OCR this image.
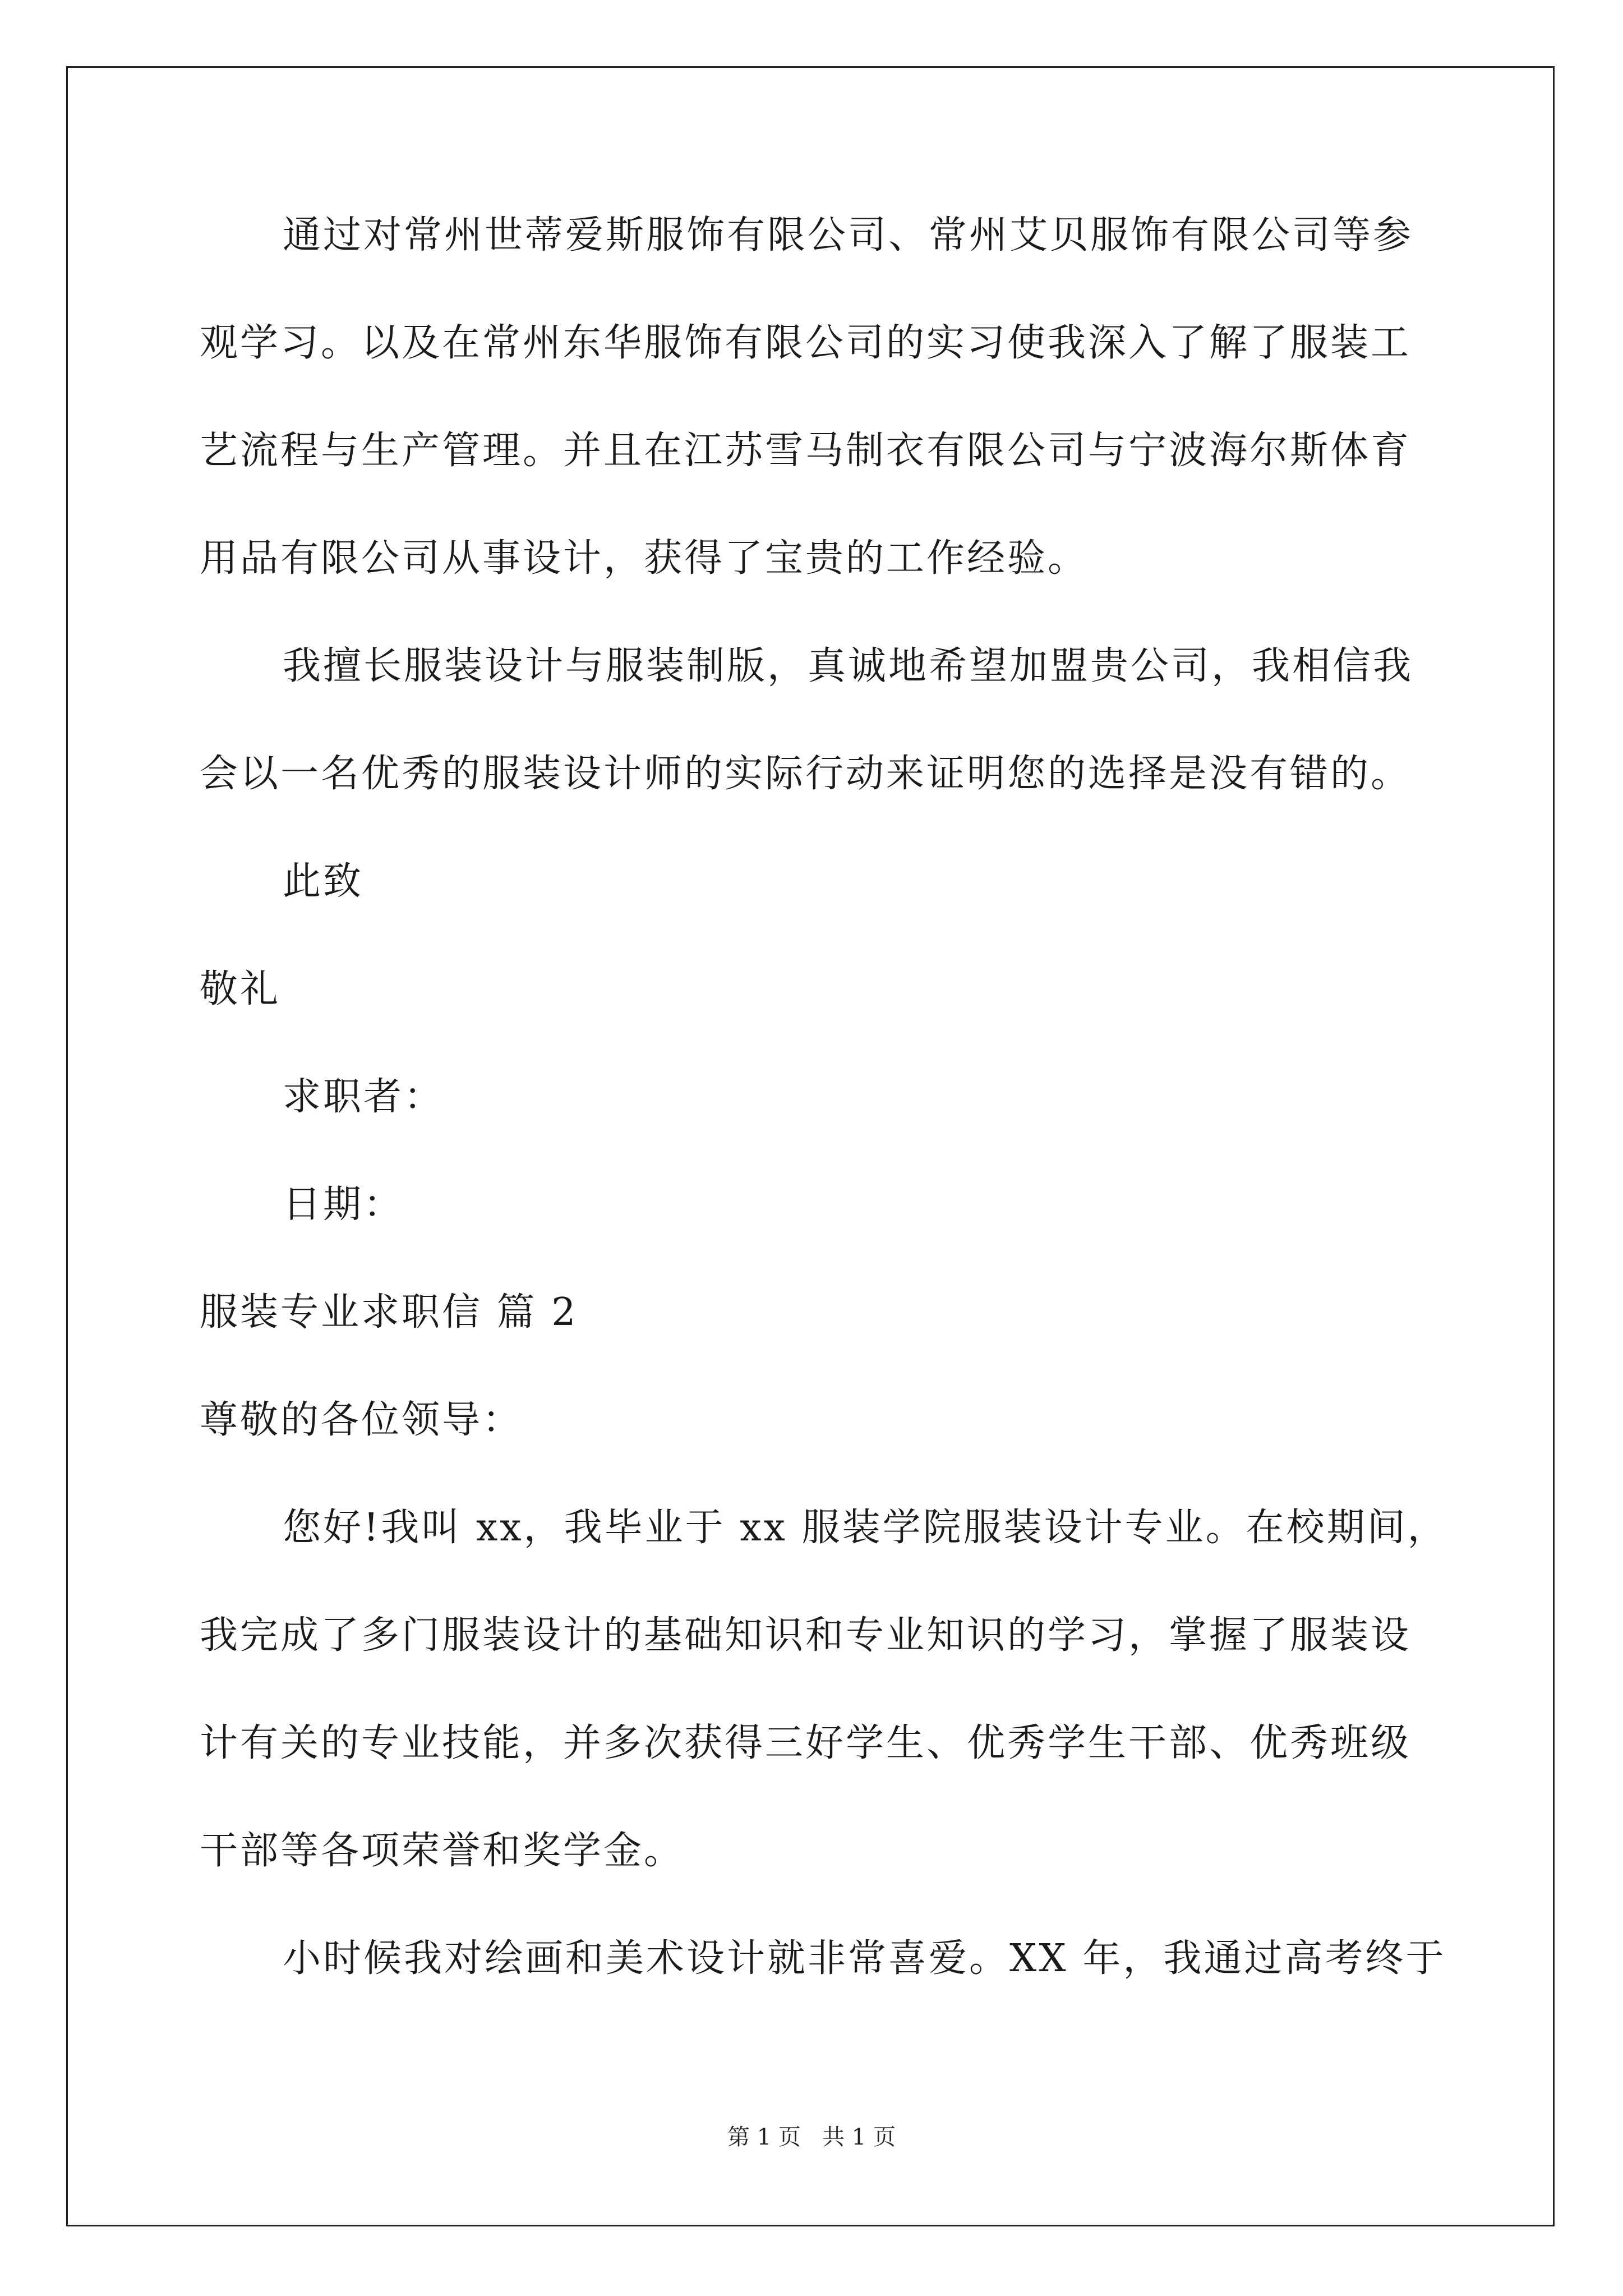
通过对常州世蒂爱斯服饰有限公司、常州艾贝服饰有限公司等参
观学习。以及在常州东华服饰有限公司的实习使我深入了解了服装工
艺流程与生产管理。并且在江苏雪马制衣有限公司与宁波海尔斯体育
用品有限公司从事设计，获得了宝贵的工作经验。
我擅长服装设计与服装制版，真诚地希望加盟贵公司，我相信我
会以一名优秀的服装设计师的实际行动来证明您的选择是没有错的。
此致
敬礼
求职者：
日期：
服装专业求职信 篇 2
尊敬的各位领导：
您好!我叫 xx，我毕业于 xx 服装学院服装设计专业。在校期间，
我完成了多门服装设计的基础知识和专业知识的学习，掌握了服装设
计有关的专业技能，并多次获得三好学生、优秀学生干部、优秀班级
干部等各项荣誉和奖学金。
小时候我对绘画和美术设计就非常喜爱。XX 年，我通过高考终于
第 1 页   共 1 页
